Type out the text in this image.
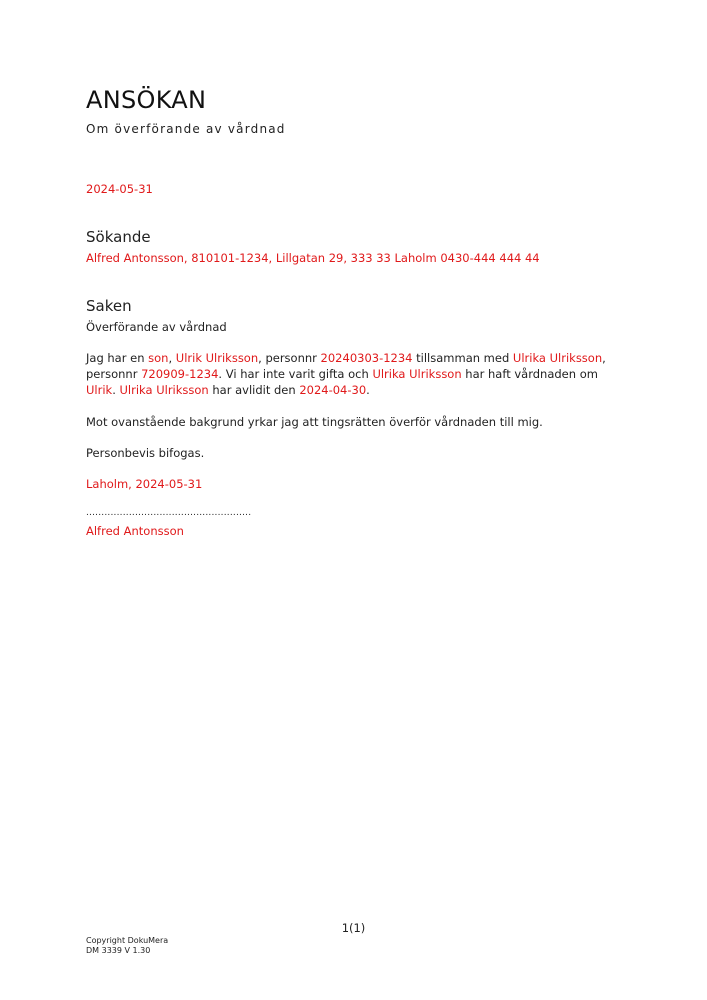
ANSÖKAN
Om överförande av vårdnad
2024-05-31
Sökande
Alfred Antonsson, 810101-1234, Lillgatan 29, 333 33 Laholm 0430-444 444 44
Saken
Överförande av vårdnad
Jag har en son, Ulrik Ulriksson, personnr 20240303-1234 tillsamman med Ulrika Ulriksson, personnr 720909-1234. Vi har inte varit gifta och Ulrika Ulriksson har haft vårdnaden om Ulrik. Ulrika Ulriksson har avlidit den 2024-04-30.
Mot ovanstående bakgrund yrkar jag att tingsrätten överför vårdnaden till mig.
Personbevis bifogas.
Laholm, 2024-05-31
......................................................
Alfred Antonsson
1(1)
Copyright DokuMera
DM 3339 V 1.30
